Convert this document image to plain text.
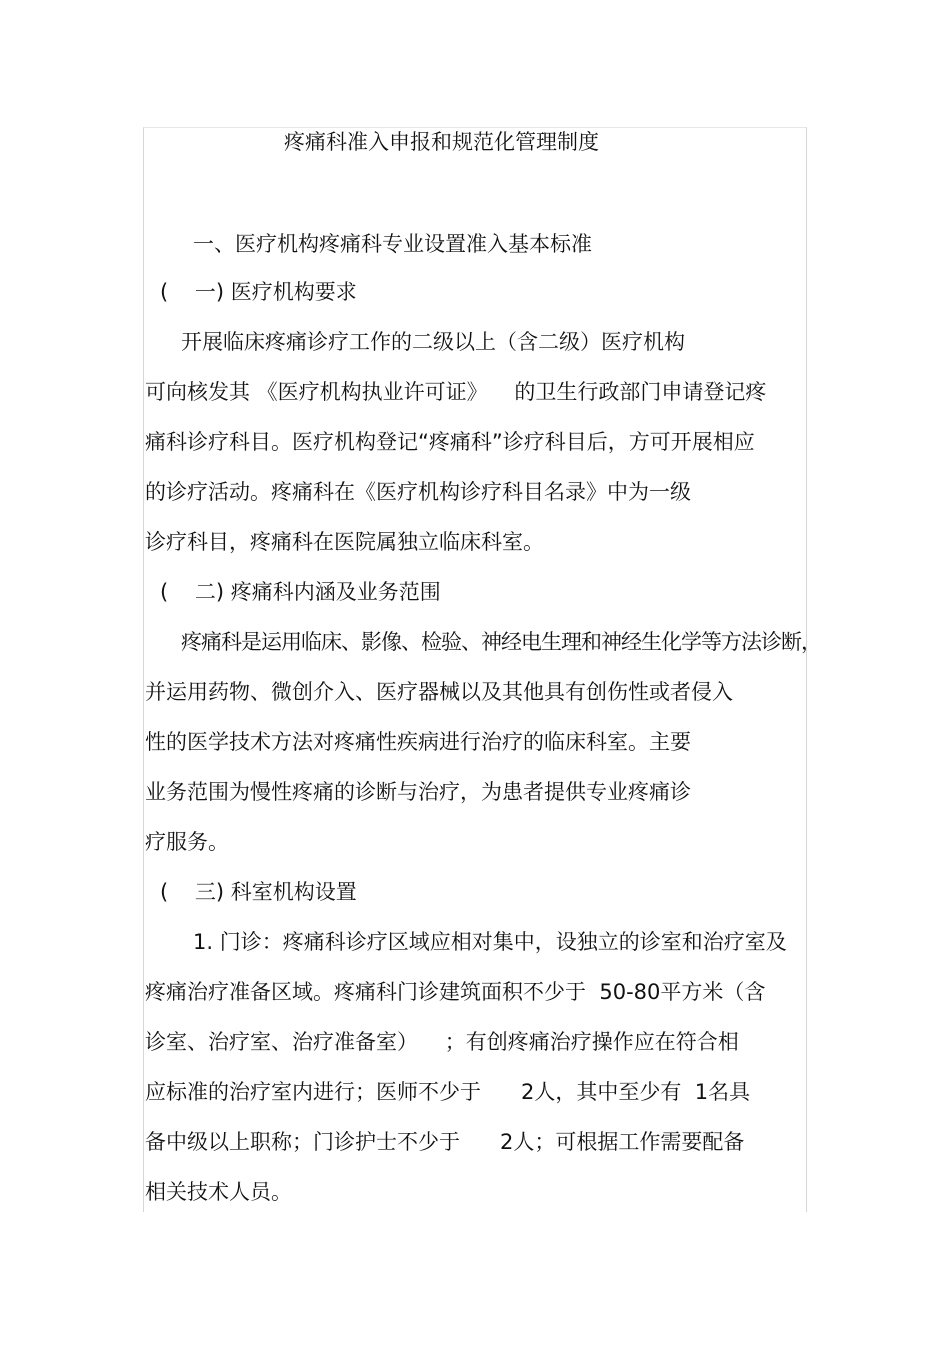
疼痛科准入申报和规范化管理制度
一、医疗机构疼痛科专业设置准入基本标准
(    一) 医疗机构要求
开展临床疼痛诊疗工作的二级以上（含二级）医疗机构
可向核发其 《医疗机构执业许可证》    的卫生行政部门申请登记疼
痛科诊疗科目。医疗机构登记“疼痛科”诊疗科目后，方可开展相应
的诊疗活动。疼痛科在《医疗机构诊疗科目名录》中为一级
诊疗科目，疼痛科在医院属独立临床科室。
(    二) 疼痛科内涵及业务范围
疼痛科是运用临床、影像、检验、神经电生理和神经生化学等方法诊断，
并运用药物、微创介入、医疗器械以及其他具有创伤性或者侵入
性的医学技术方法对疼痛性疾病进行治疗的临床科室。主要
业务范围为慢性疼痛的诊断与治疗，为患者提供专业疼痛诊
疗服务。
(    三) 科室机构设置
1. 门诊：疼痛科诊疗区域应相对集中，设独立的诊室和治疗室及
疼痛治疗准备区域。疼痛科门诊建筑面积不少于  50-80平方米（含
诊室、治疗室、治疗准备室）    ；有创疼痛治疗操作应在符合相
应标准的治疗室内进行；医师不少于      2人，其中至少有  1名具
备中级以上职称；门诊护士不少于      2人；可根据工作需要配备
相关技术人员。
